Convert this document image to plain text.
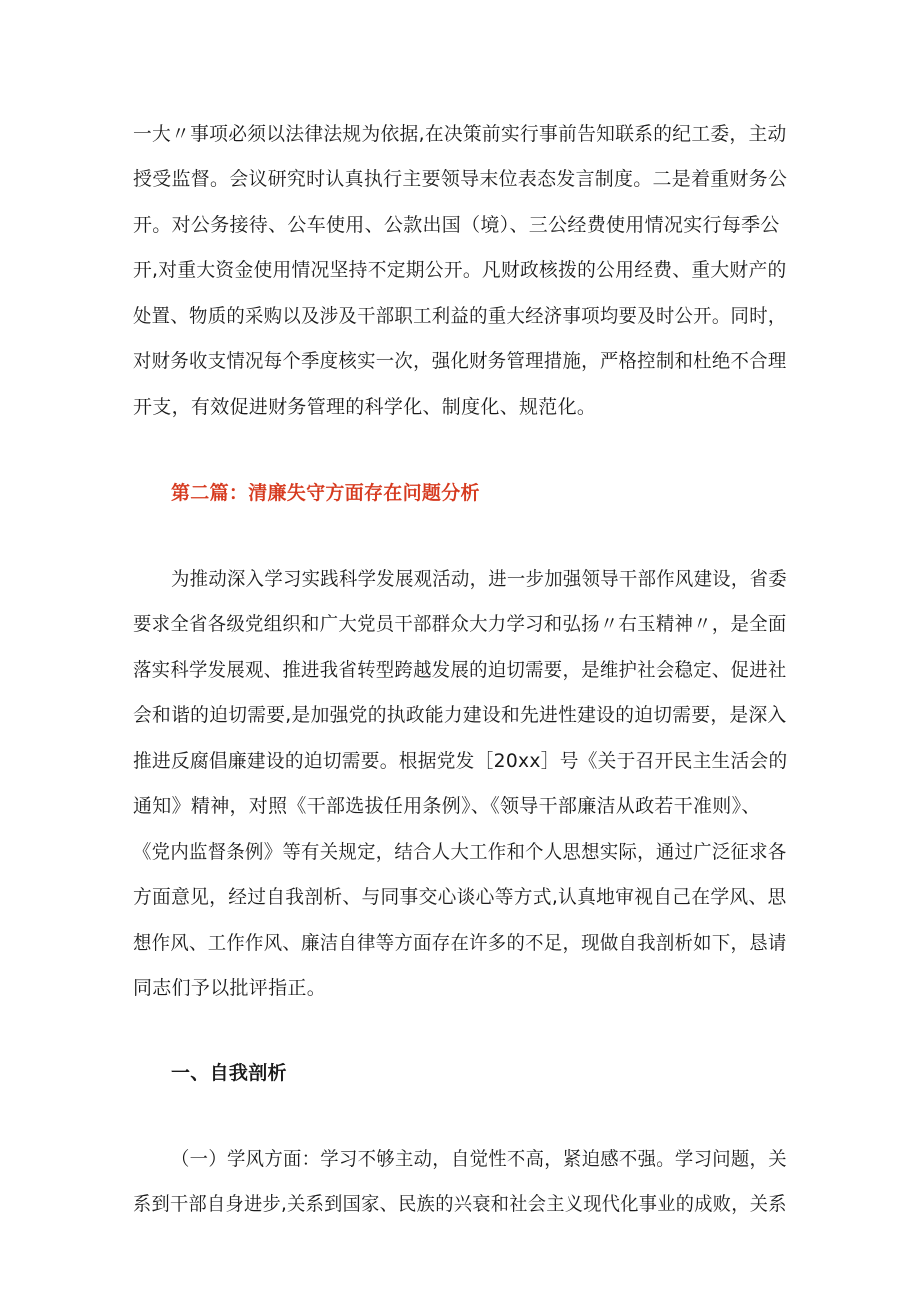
一大〃事项必须以法律法规为依据,在决策前实行事前告知联系的纪工委，主动

授受监督。会议研究时认真执行主要领导末位表态发言制度。二是着重财务公

开。对公务接待、公车使用、公款出国（境）、三公经费使用情况实行每季公

开,对重大资金使用情况坚持不定期公开。凡财政核拨的公用经费、重大财产的

处置、物质的采购以及涉及干部职工利益的重大经济事项均要及时公开。同时，

对财务收支情况每个季度核实一次，强化财务管理措施，严格控制和杜绝不合理

开支，有效促进财务管理的科学化、制度化、规范化。

第二篇：清廉失守方面存在问题分析

为推动深入学习实践科学发展观活动，进一步加强领导干部作风建设，省委

要求全省各级党组织和广大党员干部群众大力学习和弘扬〃右玉精神〃，是全面

落实科学发展观、推进我省转型跨越发展的迫切需要，是维护社会稳定、促进社

会和谐的迫切需要,是加强党的执政能力建设和先进性建设的迫切需要，是深入

推进反腐倡廉建设的迫切需要。根据党发［20xx］号《关于召开民主生活会的

通知》精神，对照《干部选拔任用条例》、《领导干部廉洁从政若干准则》、

《党内监督条例》等有关规定，结合人大工作和个人思想实际，通过广泛征求各

方面意见，经过自我剖析、与同事交心谈心等方式,认真地审视自己在学风、思

想作风、工作作风、廉洁自律等方面存在许多的不足，现做自我剖析如下，恳请

同志们予以批评指正。

一、自我剖析

（一）学风方面：学习不够主动，自觉性不高，紧迫感不强。学习问题，关

系到干部自身进步,关系到国家、民族的兴衰和社会主义现代化事业的成败，关系
